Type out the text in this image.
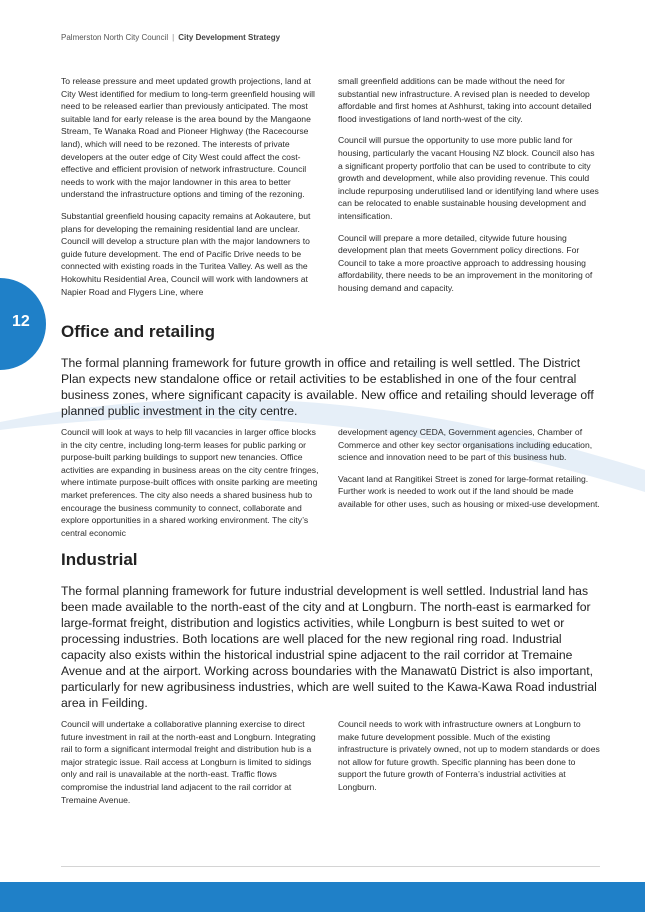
Palmerston North City Council | City Development Strategy
12

To release pressure and meet updated growth projections, land at City West identified for medium to long-term greenfield housing will need to be released earlier than previously anticipated. The most suitable land for early release is the area bound by the Mangaone Stream, Te Wanaka Road and Pioneer Highway (the Racecourse land), which will need to be rezoned. The interests of private developers at the outer edge of City West could affect the cost-effective and efficient provision of network infrastructure. Council needs to work with the major landowner in this area to better understand the infrastructure options and timing of the rezoning.

Substantial greenfield housing capacity remains at Aokautere, but plans for developing the remaining residential land are unclear. Council will develop a structure plan with the major landowners to guide future development. The end of Pacific Drive needs to be connected with existing roads in the Turitea Valley. As well as the Hokowhitu Residential Area, Council will work with landowners at Napier Road and Flygers Line, where

small greenfield additions can be made without the need for substantial new infrastructure. A revised plan is needed to develop affordable and first homes at Ashhurst, taking into account detailed flood investigations of land north-west of the city.

Council will pursue the opportunity to use more public land for housing, particularly the vacant Housing NZ block. Council also has a significant property portfolio that can be used to contribute to city growth and development, while also providing revenue. This could include repurposing underutilised land or identifying land where uses can be relocated to enable sustainable housing development and intensification.

Council will prepare a more detailed, citywide future housing development plan that meets Government policy directions. For Council to take a more proactive approach to addressing housing affordability, there needs to be an improvement in the monitoring of housing demand and capacity.

Office and retailing
The formal planning framework for future growth in office and retailing is well settled. The District Plan expects new standalone office or retail activities to be established in one of the four central business zones, where significant capacity is available. New office and retailing should leverage off planned public investment in the city centre.

Council will look at ways to help fill vacancies in larger office blocks in the city centre, including long-term leases for public parking or purpose-built parking buildings to support new tenancies. Office activities are expanding in business areas on the city centre fringes, where intimate purpose-built offices with onsite parking are meeting market preferences. The city also needs a shared business hub to encourage the business community to connect, collaborate and explore opportunities in a shared working environment. The city’s central economic

development agency CEDA, Government agencies, Chamber of Commerce and other key sector organisations including education, science and innovation need to be part of this business hub.

Vacant land at Rangitikei Street is zoned for large-format retailing. Further work is needed to work out if the land should be made available for other uses, such as housing or mixed-use development.

Industrial
The formal planning framework for future industrial development is well settled. Industrial land has been made available to the north-east of the city and at Longburn. The north-east is earmarked for large-format freight, distribution and logistics activities, while Longburn is best suited to wet or processing industries. Both locations are well placed for the new regional ring road. Industrial capacity also exists within the historical industrial spine adjacent to the rail corridor at Tremaine Avenue and at the airport. Working across boundaries with the Manawatū District is also important, particularly for new agribusiness industries, which are well suited to the Kawa-Kawa Road industrial area in Feilding.

Council will undertake a collaborative planning exercise to direct future investment in rail at the north-east and Longburn. Integrating rail to form a significant intermodal freight and distribution hub is a major strategic issue. Rail access at Longburn is limited to sidings only and rail is unavailable at the north-east. Traffic flows compromise the industrial land adjacent to the rail corridor at Tremaine Avenue.

Council needs to work with infrastructure owners at Longburn to make future development possible. Much of the existing infrastructure is privately owned, not up to modern standards or does not allow for future growth. Specific planning has been done to support the future growth of Fonterra’s industrial activities at Longburn.
